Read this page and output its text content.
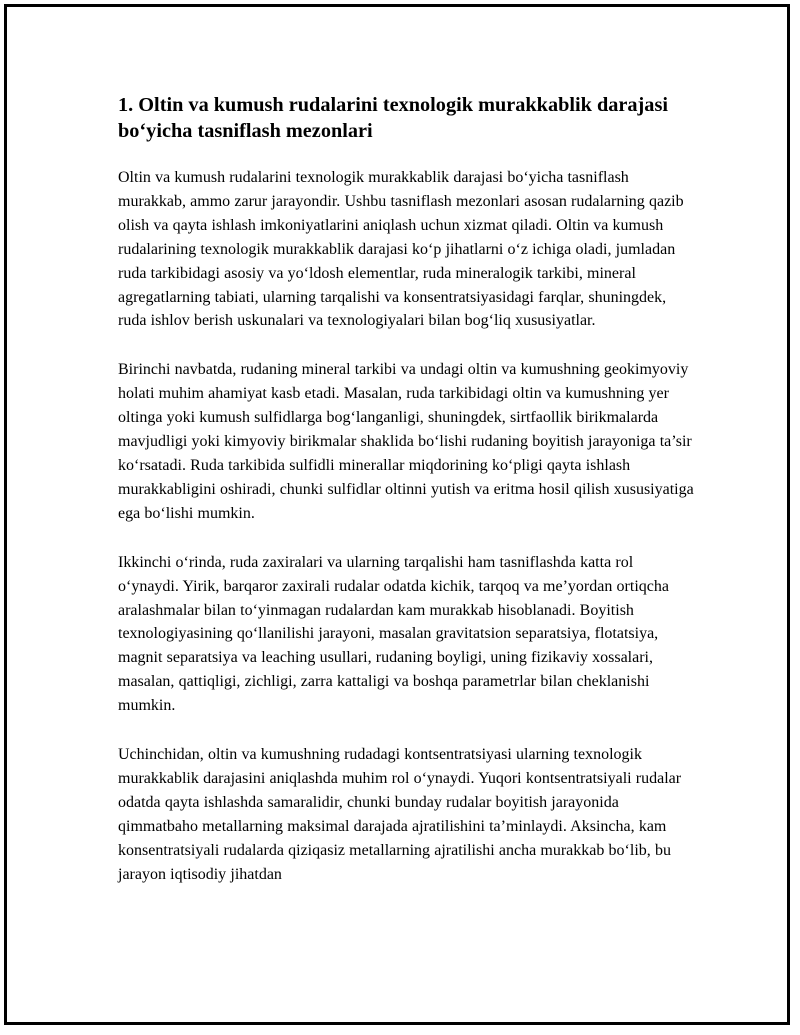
1. Oltin va kumush rudalarini texnologik murakkablik darajasi bo‘yicha tasniflash mezonlari

Oltin va kumush rudalarini texnologik murakkablik darajasi bo‘yicha tasniflash murakkab, ammo zarur jarayondir. Ushbu tasniflash mezonlari asosan rudalarning qazib olish va qayta ishlash imkoniyatlarini aniqlash uchun xizmat qiladi. Oltin va kumush rudalarining texnologik murakkablik darajasi ko‘p jihatlarni o‘z ichiga oladi, jumladan ruda tarkibidagi asosiy va yo‘ldosh elementlar, ruda mineralogik tarkibi, mineral agregatlarning tabiati, ularning tarqalishi va konsentratsiyasidagi farqlar, shuningdek, ruda ishlov berish uskunalari va texnologiyalari bilan bog‘liq xususiyatlar.

Birinchi navbatda, rudaning mineral tarkibi va undagi oltin va kumushning geokimyoviy holati muhim ahamiyat kasb etadi. Masalan, ruda tarkibidagi oltin va kumushning yer oltinga yoki kumush sulfidlarga bog‘langanligi, shuningdek, sirtfaollik birikmalarda mavjudligi yoki kimyoviy birikmalar shaklida bo‘lishi rudaning boyitish jarayoniga ta’sir ko‘rsatadi. Ruda tarkibida sulfidli minerallar miqdorining ko‘pligi qayta ishlash murakkabligini oshiradi, chunki sulfidlar oltinni yutish va eritma hosil qilish xususiyatiga ega bo‘lishi mumkin.

Ikkinchi o‘rinda, ruda zaxiralari va ularning tarqalishi ham tasniflashda katta rol o‘ynaydi. Yirik, barqaror zaxirali rudalar odatda kichik, tarqoq va me’yordan ortiqcha aralashmalar bilan to‘yinmagan rudalardan kam murakkab hisoblanadi. Boyitish texnologiyasining qo‘llanilishi jarayoni, masalan gravitatsion separatsiya, flotatsiya, magnit separatsiya va leaching usullari, rudaning boyligi, uning fizikaviy xossalari, masalan, qattiqligi, zichligi, zarra kattaligi va boshqa parametrlar bilan cheklanishi mumkin.

Uchinchidan, oltin va kumushning rudadagi kontsentratsiyasi ularning texnologik murakkablik darajasini aniqlashda muhim rol o‘ynaydi. Yuqori kontsentratsiyali rudalar odatda qayta ishlashda samaralidir, chunki bunday rudalar boyitish jarayonida qimmatbaho metallarning maksimal darajada ajratilishini ta’minlaydi. Aksincha, kam konsentratsiyali rudalarda qiziqasiz metallarning ajratilishi ancha murakkab bo‘lib, bu jarayon iqtisodiy jihatdan
